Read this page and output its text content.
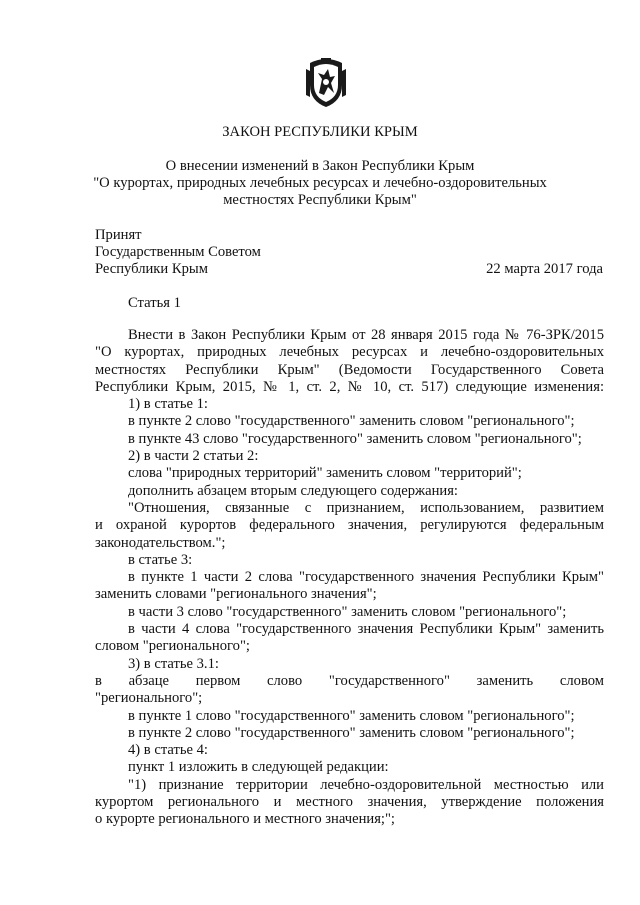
ЗАКОН РЕСПУБЛИКИ КРЫМ
О внесении изменений в Закон Республики Крым
"О курортах, природных лечебных ресурсах и лечебно-оздоровительных
местностях Республики Крым"
Принят
Государственным Советом
Республики Крым	22 марта 2017 года
Статья 1

Внести в Закон Республики Крым от 28 января 2015 года № 76-ЗРК/2015

"О курортах, природных лечебных ресурсах и лечебно-оздоровительных

местностях Республики Крым" (Ведомости Государственного Совета

Республики Крым, 2015, № 1, ст. 2, № 10, ст. 517) следующие изменения:

1) в статье 1:

в пункте 2 слово "государственного" заменить словом "регионального";

в пункте 43 слово "государственного" заменить словом "регионального";

2) в части 2 статьи 2:

слова "природных территорий" заменить словом "территорий";

дополнить абзацем вторым следующего содержания:

"Отношения, связанные с признанием, использованием, развитием

и охраной курортов федерального значения, регулируются федеральным

законодательством.";

в статье 3:

в пункте 1 части 2 слова "государственного значения Республики Крым"

заменить словами "регионального значения";

в части 3 слово "государственного" заменить словом "регионального";

в части 4 слова "государственного значения Республики Крым" заменить

словом "регионального";

3) в статье 3.1:

в абзаце первом слово "государственного" заменить словом

"регионального";

в пункте 1 слово "государственного" заменить словом "регионального";

в пункте 2 слово "государственного" заменить словом "регионального";

4) в статье 4:

пункт 1 изложить в следующей редакции:

"1) признание территории лечебно-оздоровительной местностью или

курортом регионального и местного значения, утверждение положения

о курорте регионального и местного значения;";
